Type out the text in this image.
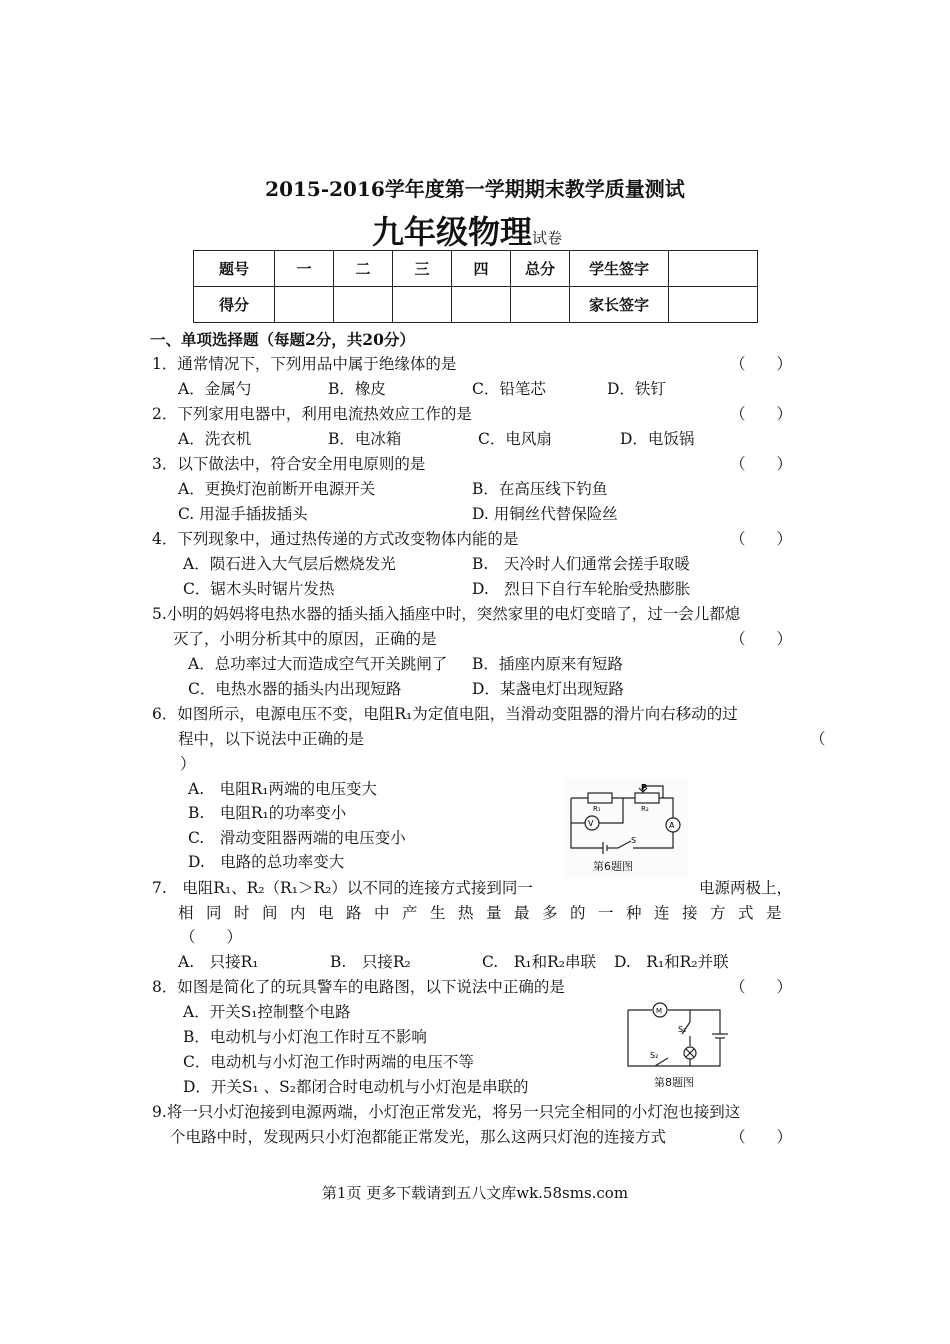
2015-2016学年度第一学期期末教学质量测试
九年级物理试卷
题号	一	二	三	四	总分	学生签字	
得分						家长签字	
一、单项选择题（每题2分，共20分）
1．通常情况下，下列用品中属于绝缘体的是	（　　）
A．金属勺	B．橡皮	C．铅笔芯	D．铁钉
2．下列家用电器中，利用电流热效应工作的是	（　　）
A．洗衣机	B．电冰箱	C．电风扇	D．电饭锅
3．以下做法中，符合安全用电原则的是	（　　）
A．更换灯泡前断开电源开关	B．在高压线下钓鱼
C. 用湿手插拔插头	D. 用铜丝代替保险丝
4．下列现象中，通过热传递的方式改变物体内能的是	（　　）
A．陨石进入大气层后燃烧发光	B.　天冷时人们通常会搓手取暖
C．锯木头时锯片发热	D.　烈日下自行车轮胎受热膨胀
5.小明的妈妈将电热水器的插头插入插座中时，突然家里的电灯变暗了，过一会儿都熄
灭了，小明分析其中的原因，正确的是	（　　）
A．总功率过大而造成空气开关跳闸了 B．插座内原来有短路
C．电热水器的插头内出现短路	D．某盏电灯出现短路
6．如图所示，电源电压不变，电阻R₁为定值电阻，当滑动变阻器的滑片向右移动的过
程中，以下说法中正确的是	（
）
A.　电阻R₁两端的电压变大
B.　电阻R₁的功率变小
C.　滑动变阻器两端的电压变小
D.　电路的总功率变大
P
R₁	R₂
V	A
S
第6题图
7.　电阻R₁、R₂（R₁＞R₂）以不同的连接方式接到同一	电源两极上，
相同时间内电路中产生热量最多的一种连接方式是
（　　）
A.　只接R₁	B.　只接R₂	C.　R₁和R₂串联 D.　R₁和R₂并联
8．如图是简化了的玩具警车的电路图，以下说法中正确的是	（　　）
A．开关S₁控制整个电路
B．电动机与小灯泡工作时互不影响
C．电动机与小灯泡工作时两端的电压不等
D．开关S₁ 、S₂都闭合时电动机与小灯泡是串联的
M
S₁
S₂
第8题图
9.将一只小灯泡接到电源两端，小灯泡正常发光，将另一只完全相同的小灯泡也接到这
个电路中时，发现两只小灯泡都能正常发光，那么这两只灯泡的连接方式	（　　）
第1页 更多下载请到五八文库wk.58sms.com
